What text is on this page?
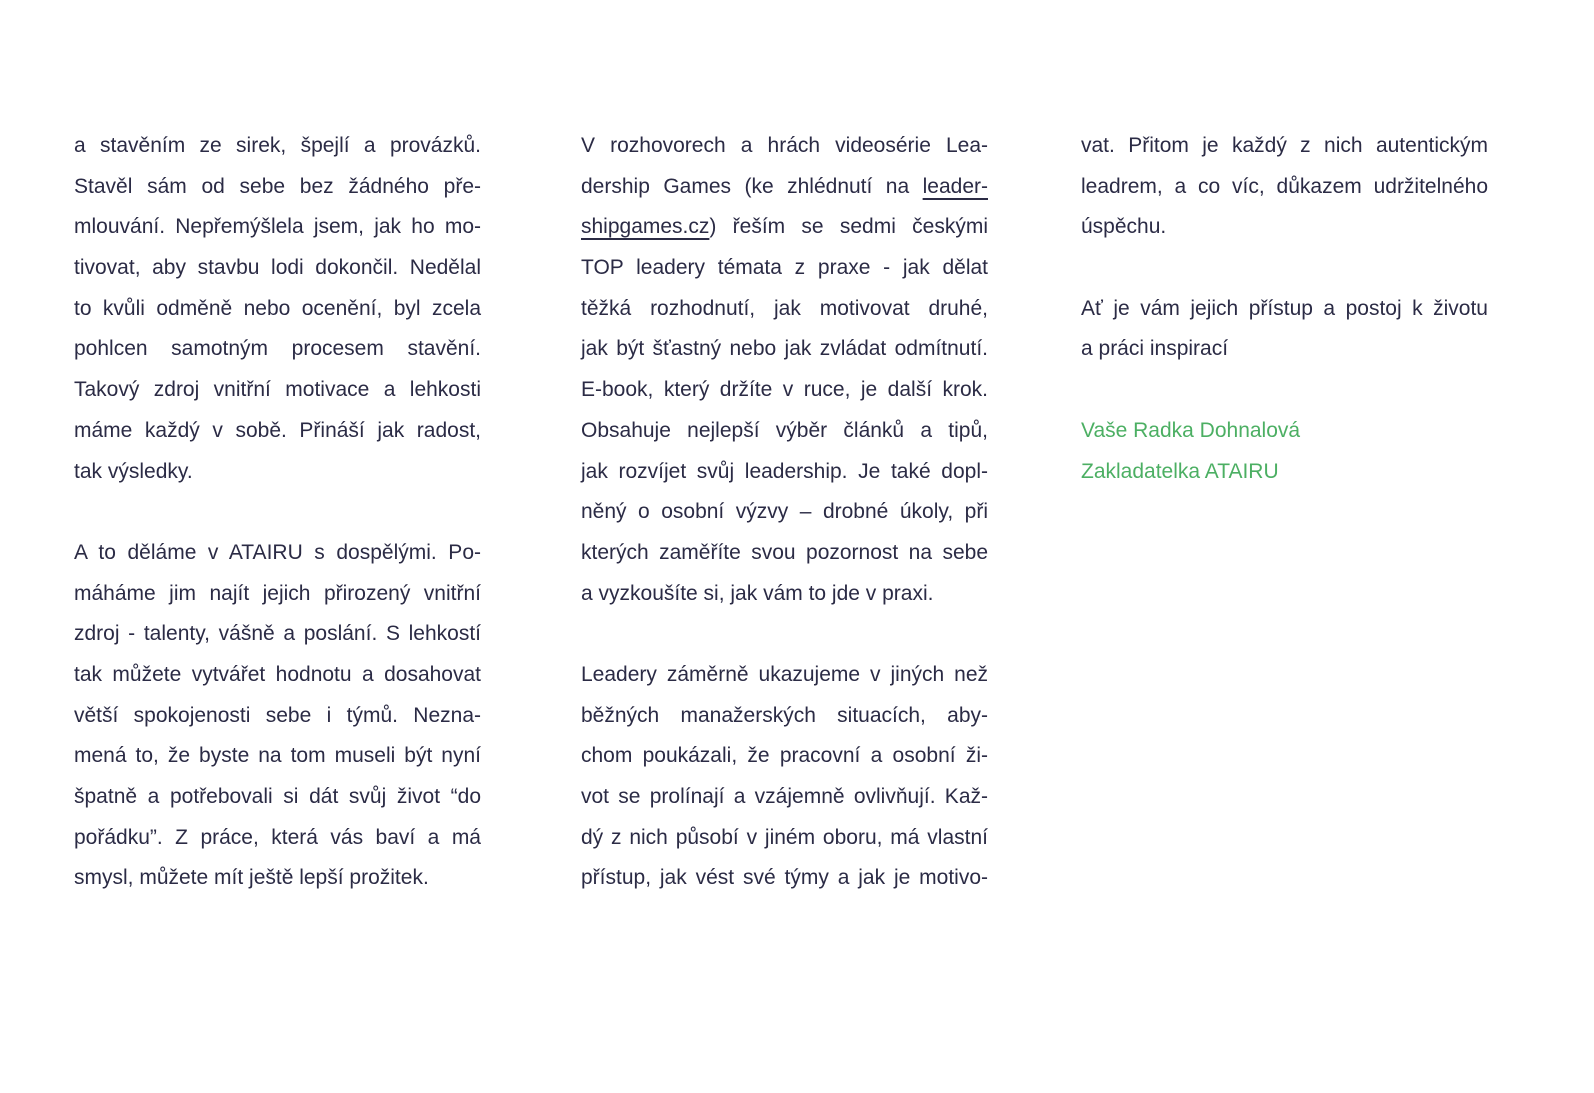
a stavěním ze sirek, špejlí a provázků.
Stavěl sám od sebe bez žádného pře-
mlouvání. Nepřemýšlela jsem, jak ho mo-
tivovat, aby stavbu lodi dokončil. Nedělal
to kvůli odměně nebo ocenění, byl zcela
pohlcen samotným procesem stavění.
Takový zdroj vnitřní motivace a lehkosti
máme každý v sobě. Přináší jak radost,
tak výsledky.
A to děláme v ATAIRU s dospělými. Po-
máháme jim najít jejich přirozený vnitřní
zdroj - talenty, vášně a poslání. S lehkostí
tak můžete vytvářet hodnotu a dosahovat
větší spokojenosti sebe i týmů. Nezna-
mená to, že byste na tom museli být nyní
špatně a potřebovali si dát svůj život “do
pořádku”. Z práce, která vás baví a má
smysl, můžete mít ještě lepší prožitek.
V rozhovorech a hrách videosérie Lea-
dership Games (ke zhlédnutí na leader-
shipgames.cz) řeším se sedmi českými
TOP leadery témata z praxe - jak dělat
těžká rozhodnutí, jak motivovat druhé,
jak být šťastný nebo jak zvládat odmítnutí.
E-book, který držíte v ruce, je další krok.
Obsahuje nejlepší výběr článků a tipů,
jak rozvíjet svůj leadership. Je také dopl-
něný o osobní výzvy – drobné úkoly, při
kterých zaměříte svou pozornost na sebe
a vyzkoušíte si, jak vám to jde v praxi.
Leadery záměrně ukazujeme v jiných než
běžných manažerských situacích, aby-
chom poukázali, že pracovní a osobní ži-
vot se prolínají a vzájemně ovlivňují. Kaž-
dý z nich působí v jiném oboru, má vlastní
přístup, jak vést své týmy a jak je motivo-
vat. Přitom je každý z nich autentickým
leadrem, a co víc, důkazem udržitelného
úspěchu.
Ať je vám jejich přístup a postoj k životu
a práci inspirací
Vaše Radka Dohnalová
Zakladatelka ATAIRU
